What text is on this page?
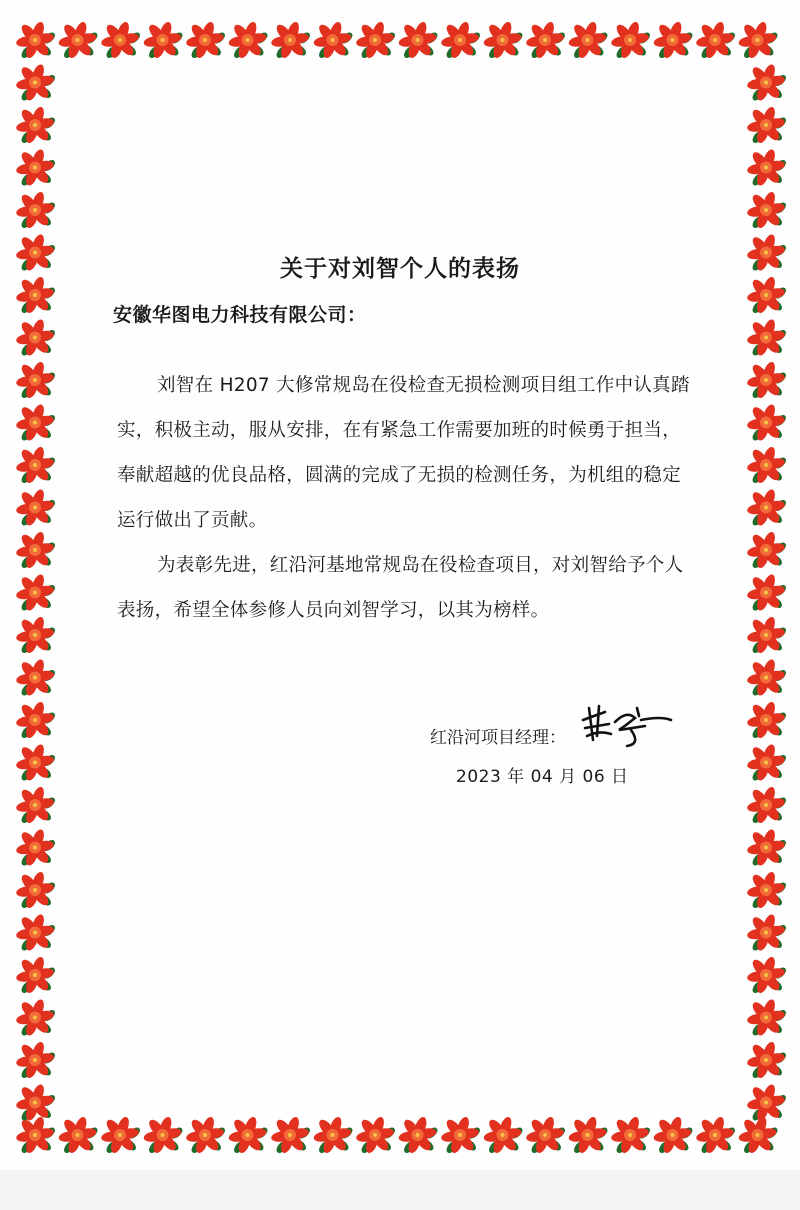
关于对刘智个人的表扬
安徽华图电力科技有限公司：
刘智在 H207 大修常规岛在役检查无损检测项目组工作中认真踏
实，积极主动，服从安排，在有紧急工作需要加班的时候勇于担当，
奉献超越的优良品格，圆满的完成了无损的检测任务，为机组的稳定
运行做出了贡献。
为表彰先进，红沿河基地常规岛在役检查项目，对刘智给予个人
表扬，希望全体参修人员向刘智学习，以其为榜样。
红沿河项目经理：
2023 年 04 月 06 日
